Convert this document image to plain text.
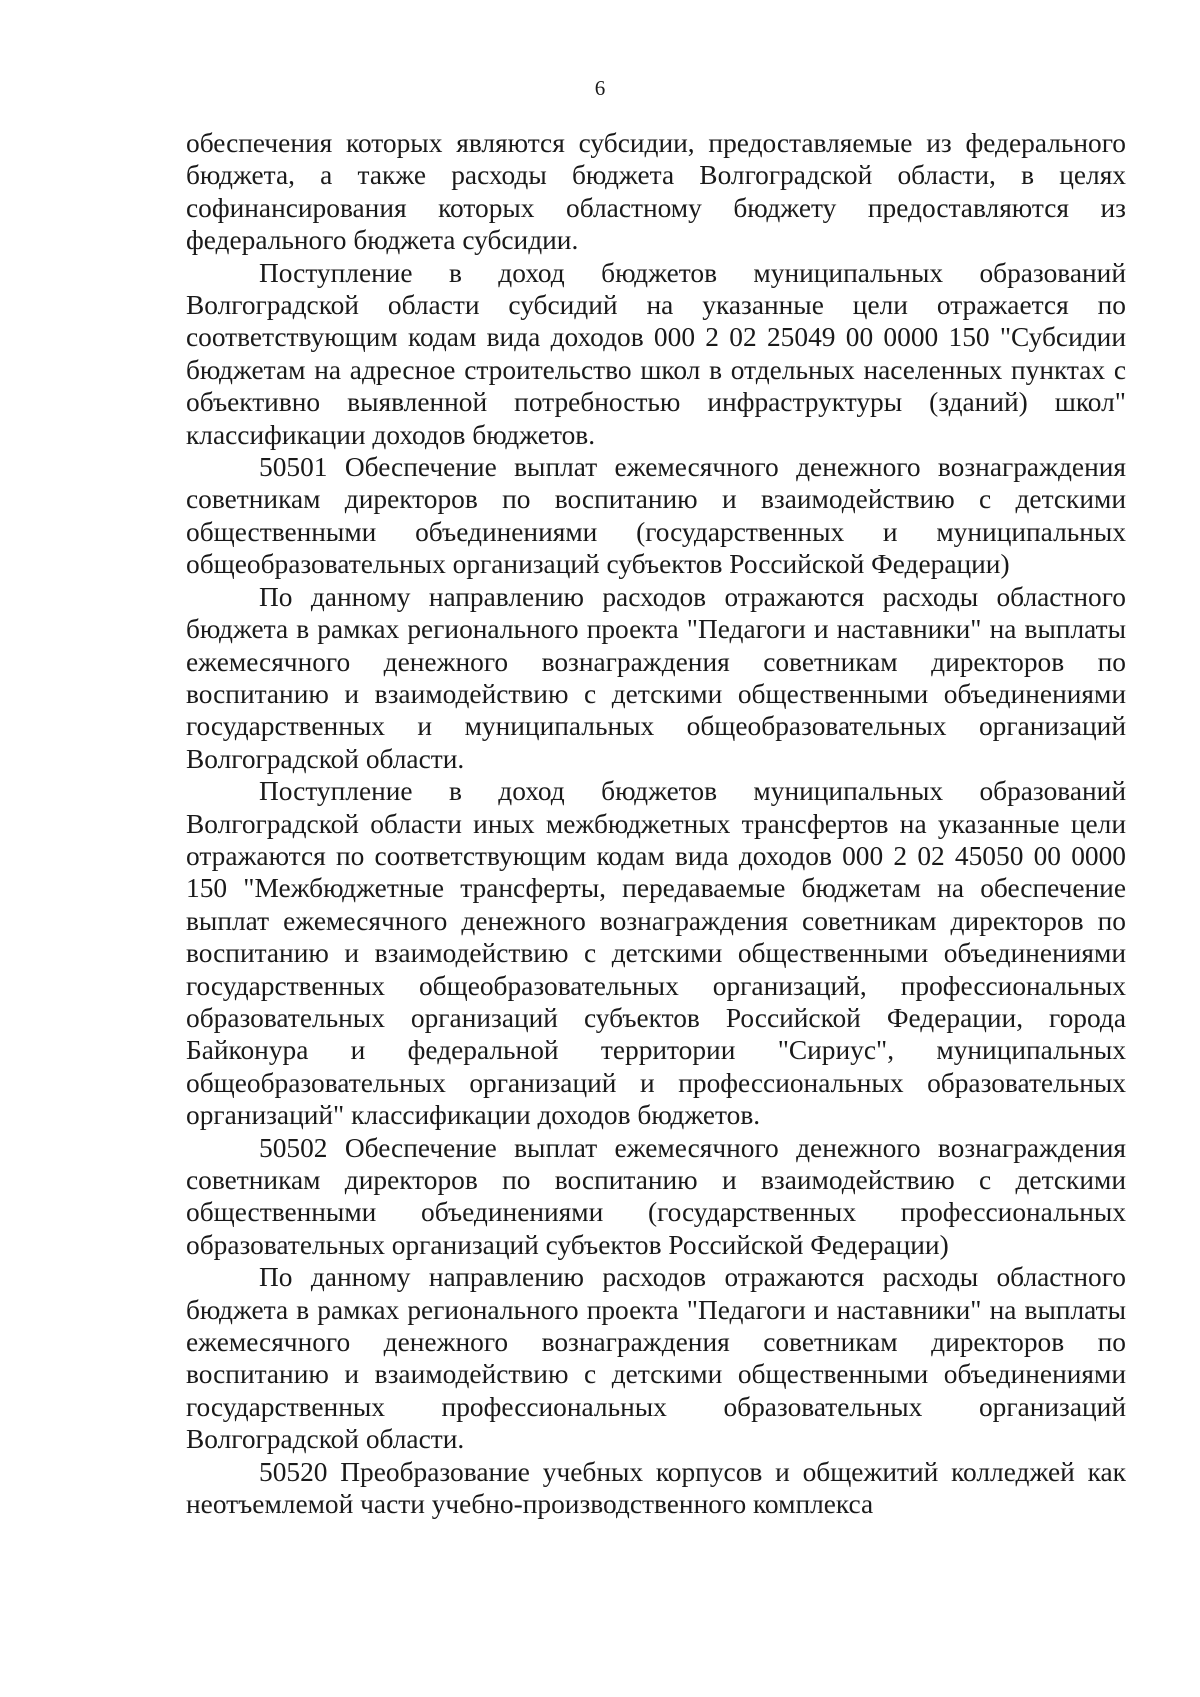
6

обеспечения которых являются субсидии, предоставляемые из федерального бюджета, а также расходы бюджета Волгоградской области, в целях софинансирования которых областному бюджету предоставляются из федерального бюджета субсидии.

Поступление в доход бюджетов муниципальных образований Волгоградской области субсидий на указанные цели отражается по соответствующим кодам вида доходов 000 2 02 25049 00 0000 150 "Субсидии бюджетам на адресное строительство школ в отдельных населенных пунктах с объективно выявленной потребностью инфраструктуры (зданий) школ" классификации доходов бюджетов.

50501 Обеспечение выплат ежемесячного денежного вознаграждения советникам директоров по воспитанию и взаимодействию с детскими общественными объединениями (государственных и муниципальных общеобразовательных организаций субъектов Российской Федерации)

По данному направлению расходов отражаются расходы областного бюджета в рамках регионального проекта "Педагоги и наставники" на выплаты ежемесячного денежного вознаграждения советникам директоров по воспитанию и взаимодействию с детскими общественными объединениями государственных и муниципальных общеобразовательных организаций Волгоградской области.

Поступление в доход бюджетов муниципальных образований Волгоградской области иных межбюджетных трансфертов на указанные цели отражаются по соответствующим кодам вида доходов 000 2 02 45050 00 0000 150 "Межбюджетные трансферты, передаваемые бюджетам на обеспечение выплат ежемесячного денежного вознаграждения советникам директоров по воспитанию и взаимодействию с детскими общественными объединениями государственных общеобразовательных организаций, профессиональных образовательных организаций субъектов Российской Федерации, города Байконура и федеральной территории "Сириус", муниципальных общеобразовательных организаций и профессиональных образовательных организаций" классификации доходов бюджетов.

50502 Обеспечение выплат ежемесячного денежного вознаграждения советникам директоров по воспитанию и взаимодействию с детскими общественными объединениями (государственных профессиональных образовательных организаций субъектов Российской Федерации)

По данному направлению расходов отражаются расходы областного бюджета в рамках регионального проекта "Педагоги и наставники" на выплаты ежемесячного денежного вознаграждения советникам директоров по воспитанию и взаимодействию с детскими общественными объединениями государственных профессиональных образовательных организаций Волгоградской области.

50520 Преобразование учебных корпусов и общежитий колледжей как неотъемлемой части учебно-производственного комплекса
